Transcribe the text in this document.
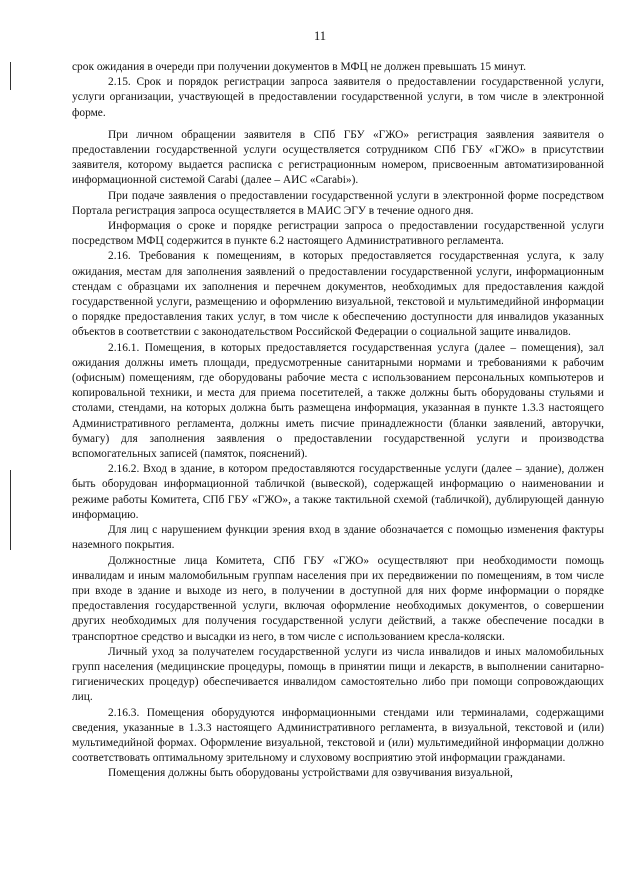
11

срок ожидания в очереди при получении документов в МФЦ не должен превышать 15 минут.

2.15. Срок и порядок регистрации запроса заявителя о предоставлении государственной услуги, услуги организации, участвующей в предоставлении государственной услуги, в том числе в электронной форме.

При личном обращении заявителя в СПб ГБУ «ГЖО» регистрация заявления заявителя о предоставлении государственной услуги осуществляется сотрудником СПб ГБУ «ГЖО» в присутствии заявителя, которому выдается расписка с регистрационным номером, присвоенным автоматизированной информационной системой Carabi (далее – АИС «Carabi»).

При подаче заявления о предоставлении государственной услуги в электронной форме посредством Портала регистрация запроса осуществляется в МАИС ЭГУ в течение одного дня.

Информация о сроке и порядке регистрации запроса о предоставлении государственной услуги посредством МФЦ содержится в пункте 6.2 настоящего Административного регламента.

2.16. Требования к помещениям, в которых предоставляется государственная услуга, к залу ожидания, местам для заполнения заявлений о предоставлении государственной услуги, информационным стендам с образцами их заполнения и перечнем документов, необходимых для предоставления каждой государственной услуги, размещению и оформлению визуальной, текстовой и мультимедийной информации о порядке предоставления таких услуг, в том числе к обеспечению доступности для инвалидов указанных объектов в соответствии с законодательством Российской Федерации о социальной защите инвалидов.

2.16.1. Помещения, в которых предоставляется государственная услуга (далее – помещения), зал ожидания должны иметь площади, предусмотренные санитарными нормами и требованиями к рабочим (офисным) помещениям, где оборудованы рабочие места с использованием персональных компьютеров и копировальной техники, и места для приема посетителей, а также должны быть оборудованы стульями и столами, стендами, на которых должна быть размещена информация, указанная в пункте 1.3.3 настоящего Административного регламента, должны иметь писчие принадлежности (бланки заявлений, авторучки, бумагу) для заполнения заявления о предоставлении государственной услуги и производства вспомогательных записей (памяток, пояснений).

2.16.2. Вход в здание, в котором предоставляются государственные услуги (далее – здание), должен быть оборудован информационной табличкой (вывеской), содержащей информацию о наименовании и режиме работы Комитета, СПб ГБУ «ГЖО», а также тактильной схемой (табличкой), дублирующей данную информацию.

Для лиц с нарушением функции зрения вход в здание обозначается с помощью изменения фактуры наземного покрытия.

Должностные лица Комитета, СПб ГБУ «ГЖО» осуществляют при необходимости помощь инвалидам и иным маломобильным группам населения при их передвижении по помещениям, в том числе при входе в здание и выходе из него, в получении в доступной для них форме информации о порядке предоставления государственной услуги, включая оформление необходимых документов, о совершении других необходимых для получения государственной услуги действий, а также обеспечение посадки в транспортное средство и высадки из него, в том числе с использованием кресла-коляски.

Личный уход за получателем государственной услуги из числа инвалидов и иных маломобильных групп населения (медицинские процедуры, помощь в принятии пищи и лекарств, в выполнении санитарно-гигиенических процедур) обеспечивается инвалидом самостоятельно либо при помощи сопровождающих лиц.

2.16.3. Помещения оборудуются информационными стендами или терминалами, содержащими сведения, указанные в 1.3.3 настоящего Административного регламента, в визуальной, текстовой и (или) мультимедийной формах. Оформление визуальной, текстовой и (или) мультимедийной информации должно соответствовать оптимальному зрительному и слуховому восприятию этой информации гражданами.

Помещения должны быть оборудованы устройствами для озвучивания визуальной,
